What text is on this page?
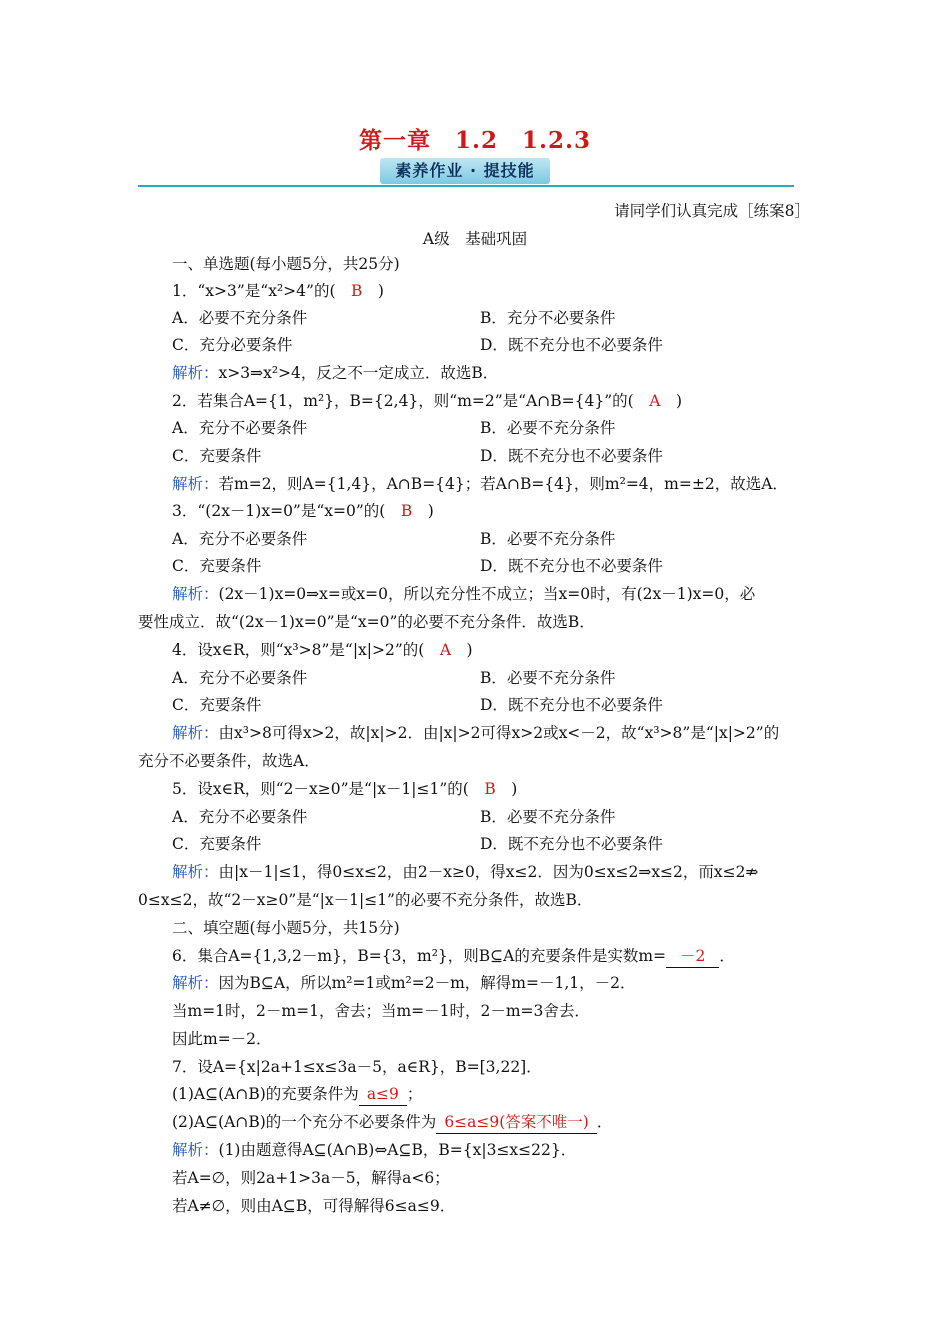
第一章　1.2　1.2.3
素养作业 · 提技能
请同学们认真完成［练案8］
A级　基础巩固
一、单选题(每小题5分，共25分)
1．“x>3”是“x²>4”的(　B　)
A．必要不充分条件	B．充分不必要条件
C．充分必要条件	D．既不充分也不必要条件
解析：x>3⇒x²>4，反之不一定成立．故选B．
2．若集合A={1，m²}，B={2,4}，则“m=2”是“A∩B={4}”的(　A　)
A．充分不必要条件	B．必要不充分条件
C．充要条件	D．既不充分也不必要条件
解析：若m=2，则A={1,4}，A∩B={4}；若A∩B={4}，则m²=4，m=±2，故选A．
3．“(2x－1)x=0”是“x=0”的(　B　)
A．充分不必要条件	B．必要不充分条件
C．充要条件	D．既不充分也不必要条件
解析：(2x－1)x=0⇒x=或x=0，所以充分性不成立；当x=0时，有(2x－1)x=0，必
要性成立．故“(2x－1)x=0”是“x=0”的必要不充分条件．故选B．
4．设x∈R，则“x³>8”是“|x|>2”的(　A　)
A．充分不必要条件	B．必要不充分条件
C．充要条件	D．既不充分也不必要条件
解析：由x³>8可得x>2，故|x|>2．由|x|>2可得x>2或x<－2，故“x³>8”是“|x|>2”的
充分不必要条件，故选A．
5．设x∈R，则“2－x≥0”是“|x－1|≤1”的(　B　)
A．充分不必要条件	B．必要不充分条件
C．充要条件	D．既不充分也不必要条件
解析：由|x－1|≤1，得0≤x≤2，由2－x≥0，得x≤2．因为0≤x≤2⇒x≤2，而x≤2⇏
0≤x≤2，故“2－x≥0”是“|x－1|≤1”的必要不充分条件，故选B．
二、填空题(每小题5分，共15分)
6．集合A={1,3,2－m}，B={3，m²}，则B⊆A的充要条件是实数m= －2 ．
解析：因为B⊆A，所以m²=1或m²=2－m，解得m=－1,1，－2．
当m=1时，2－m=1，舍去；当m=－1时，2－m=3舍去．
因此m=－2．
7．设A={x|2a+1≤x≤3a－5，a∈R}，B=[3,22]．
(1)A⊆(A∩B)的充要条件为 a≤9 ；
(2)A⊆(A∩B)的一个充分不必要条件为 6≤a≤9(答案不唯一) ．
解析：(1)由题意得A⊆(A∩B)⇔A⊆B，B={x|3≤x≤22}．
若A=∅，则2a+1>3a－5，解得a<6；
若A≠∅，则由A⊆B，可得解得6≤a≤9．
